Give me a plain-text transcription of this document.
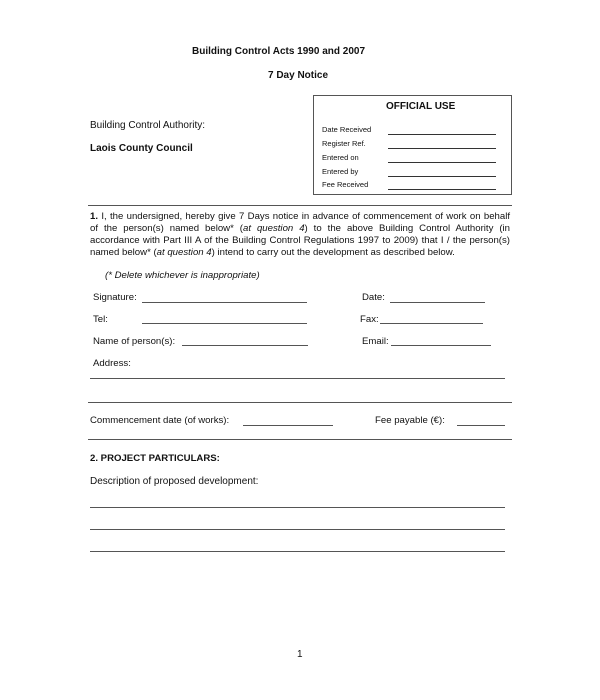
Building Control Acts 1990 and 2007
7 Day Notice
Building Control Authority:
Laois County Council
OFFICIAL USE
Date Received
Register Ref.
Entered on
Entered by
Fee Received
1. I, the undersigned, hereby give 7 Days notice in advance of commencement of work on behalf of the person(s) named below* (at question 4) to the above Building Control Authority (in accordance with Part III A of the Building Control Regulations 1997 to 2009) that I / the person(s) named below* (at question 4) intend to carry out the development as described below.
(* Delete whichever is inappropriate)
Signature:	Date:
Tel:	Fax:
Name of person(s):	Email:
Address:
Commencement date (of works):	Fee payable (€):
2. PROJECT PARTICULARS:
Description of proposed development:
1
